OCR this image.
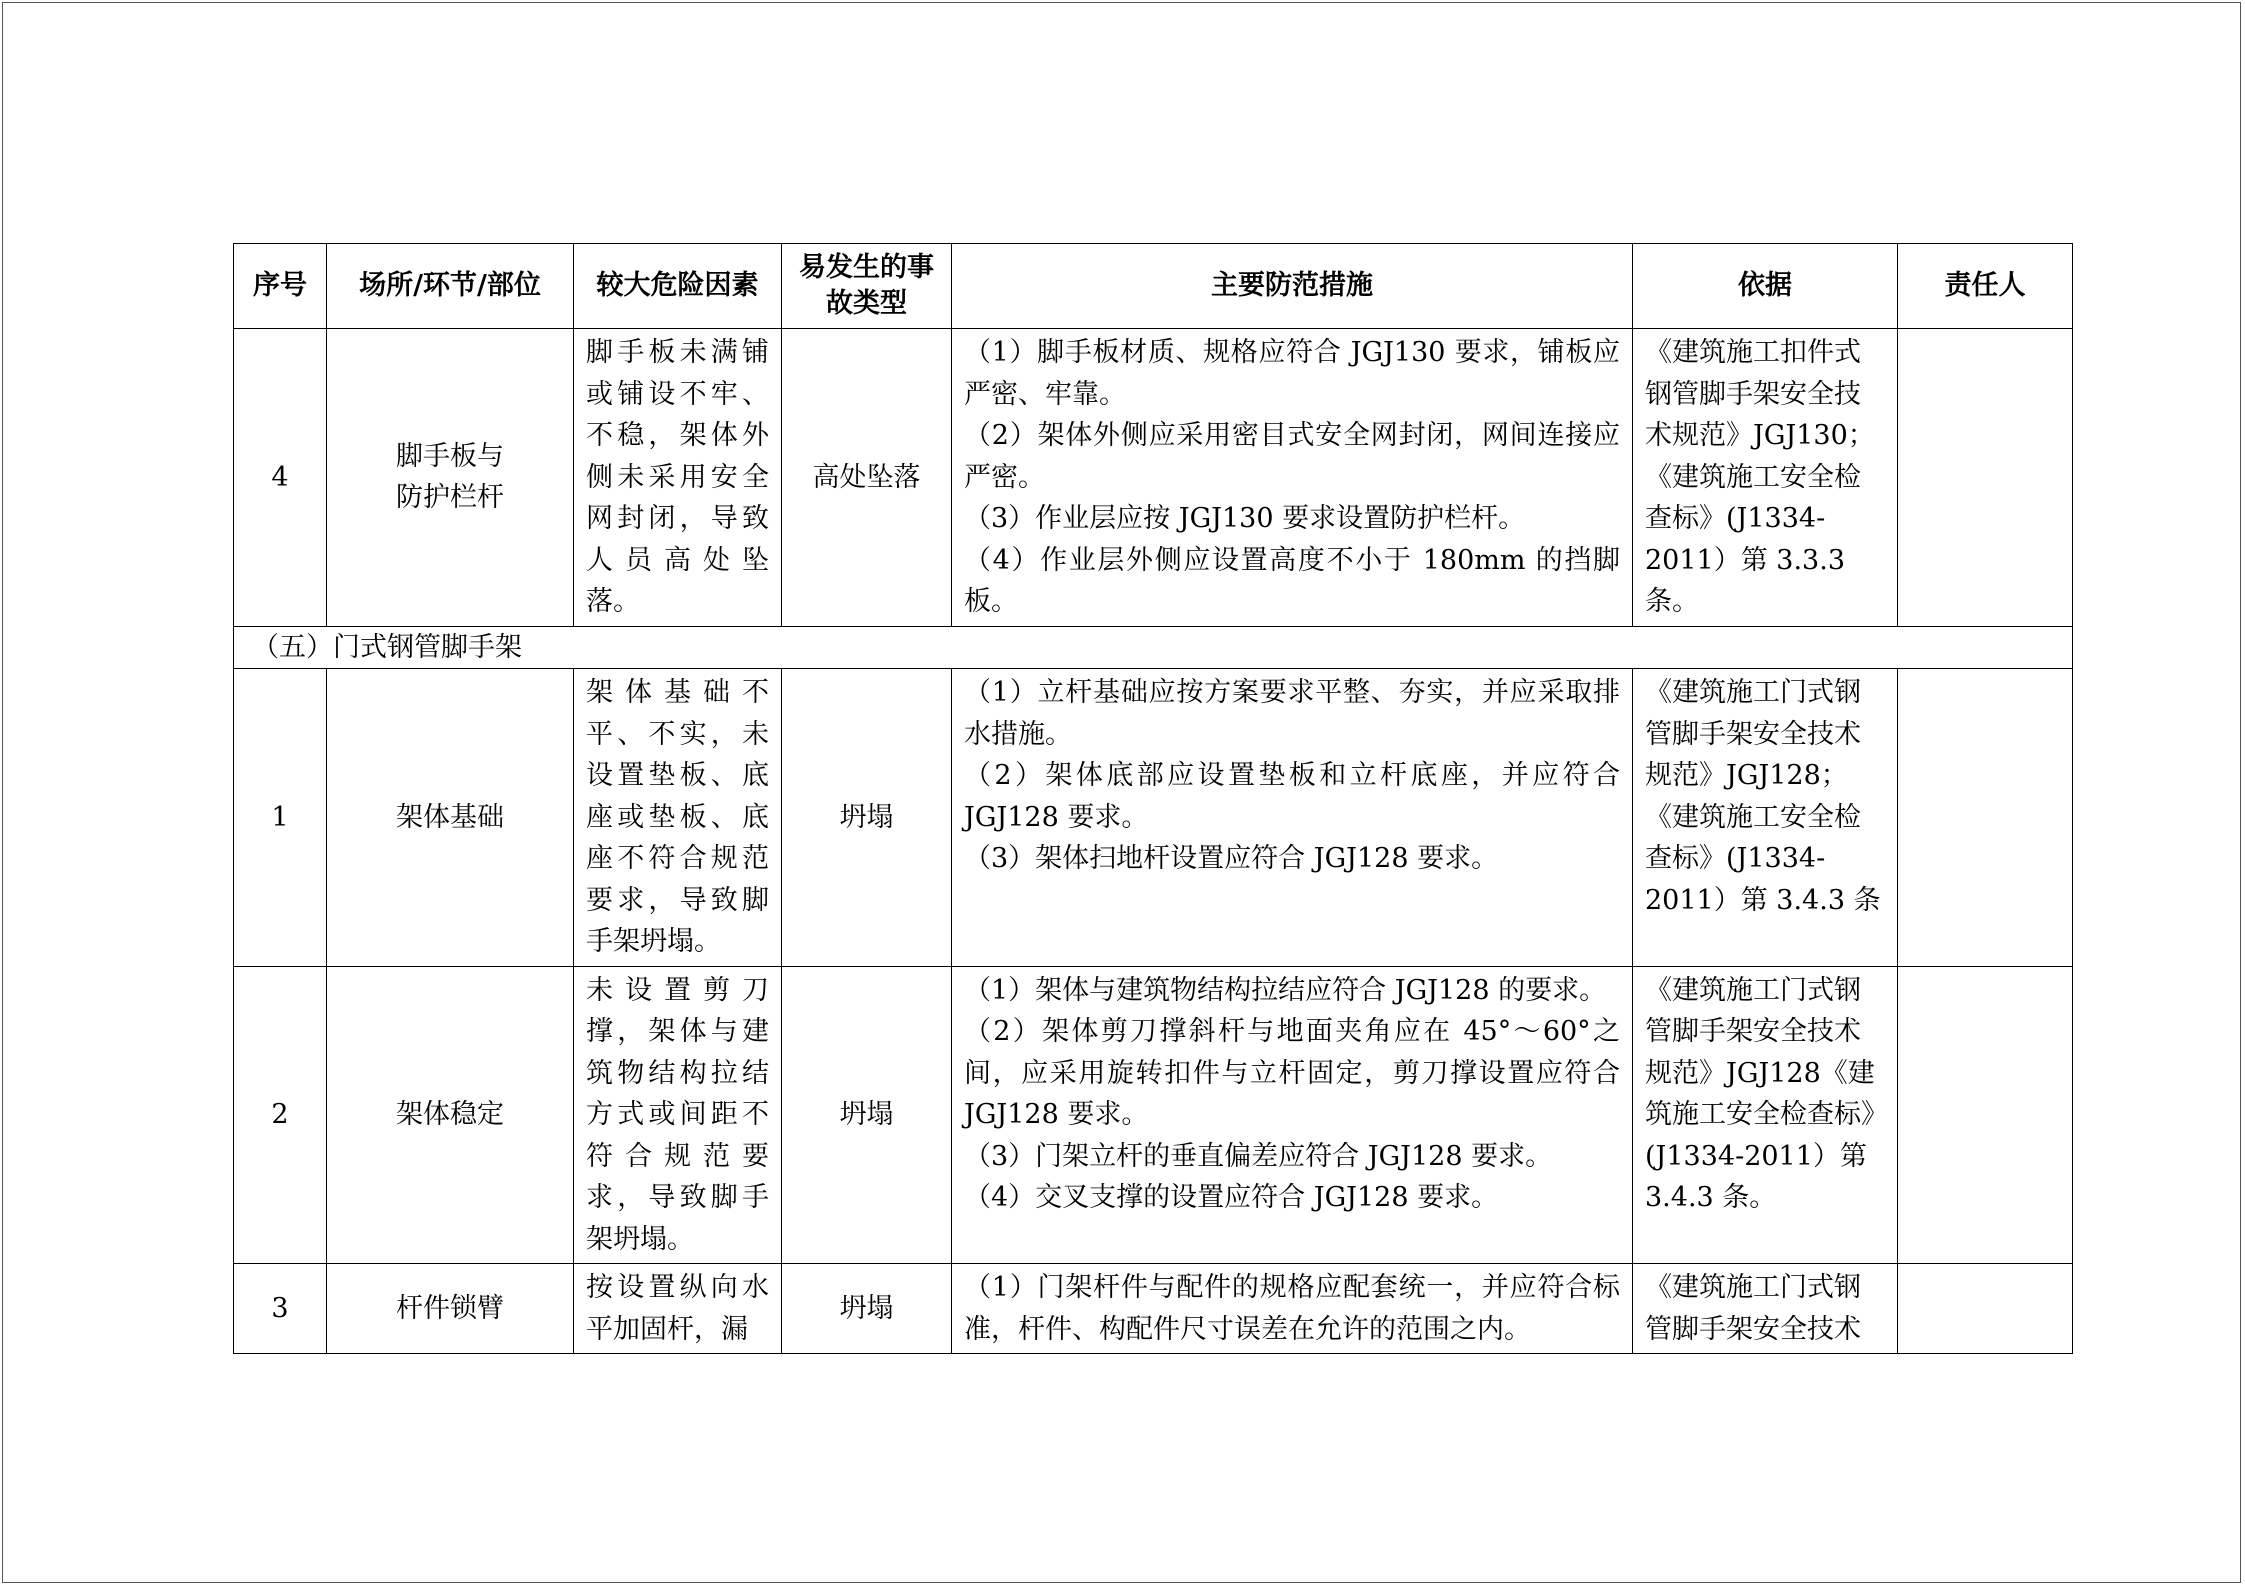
序号	场所/环节/部位	较大危险因素	易发生的事故类型	主要防范措施	依据	责任人
4	脚手板与防护栏杆	脚手板未满铺或铺设不牢、不稳，架体外侧未采用安全网封闭，导致人员高处坠落。	高处坠落	（1）脚手板材质、规格应符合 JGJ130 要求，铺板应严密、牢靠。
（2）架体外侧应采用密目式安全网封闭，网间连接应严密。
（3）作业层应按 JGJ130 要求设置防护栏杆。
（4）作业层外侧应设置高度不小于 180mm 的挡脚板。	《建筑施工扣件式钢管脚手架安全技术规范》JGJ130；《建筑施工安全检查标》(J1334-2011）第 3.3.3 条。	
（五）门式钢管脚手架						
1	架体基础	架体基础不平、不实，未设置垫板、底座或垫板、底座不符合规范要求，导致脚手架坍塌。	坍塌	（1）立杆基础应按方案要求平整、夯实，并应采取排水措施。
（2）架体底部应设置垫板和立杆底座，并应符合 JGJ128 要求。
（3）架体扫地杆设置应符合 JGJ128 要求。	《建筑施工门式钢管脚手架安全技术规范》JGJ128；《建筑施工安全检查标》(J1334-2011）第 3.4.3 条	
2	架体稳定	未设置剪刀撑，架体与建筑物结构拉结方式或间距不符合规范要求，导致脚手架坍塌。	坍塌	（1）架体与建筑物结构拉结应符合 JGJ128 的要求。
（2）架体剪刀撑斜杆与地面夹角应在 45°～60°之间，应采用旋转扣件与立杆固定，剪刀撑设置应符合 JGJ128 要求。
（3）门架立杆的垂直偏差应符合 JGJ128 要求。
（4）交叉支撑的设置应符合 JGJ128 要求。	《建筑施工门式钢管脚手架安全技术规范》JGJ128《建筑施工安全检查标》(J1334-2011）第 3.4.3 条。	
3	杆件锁臂	按设置纵向水平加固杆，漏	坍塌	（1）门架杆件与配件的规格应配套统一，并应符合标准，杆件、构配件尺寸误差在允许的范围之内。	《建筑施工门式钢管脚手架安全技术	
